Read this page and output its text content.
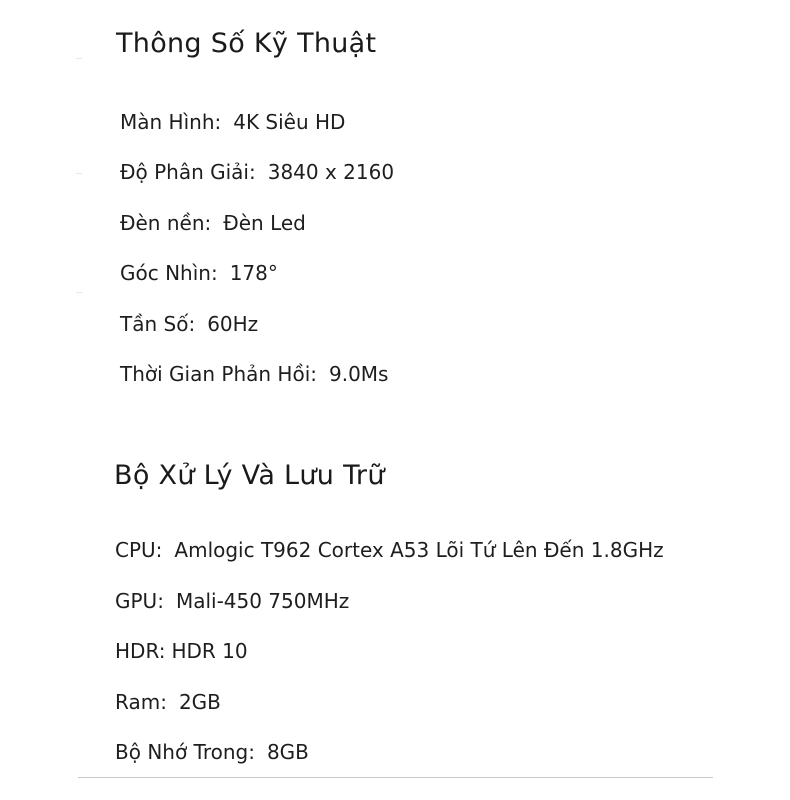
Thông Số Kỹ Thuật
Màn Hình: 4K Siêu HD
Độ Phân Giải: 3840 x 2160
Đèn nền: Đèn Led
Góc Nhìn: 178°
Tần Số: 60Hz
Thời Gian Phản Hồi: 9.0Ms
Bộ Xử Lý Và Lưu Trữ
CPU: Amlogic T962 Cortex A53 Lõi Tứ Lên Đến 1.8GHz
GPU: Mali-450 750MHz
HDR: HDR 10
Ram: 2GB
Bộ Nhớ Trong: 8GB
